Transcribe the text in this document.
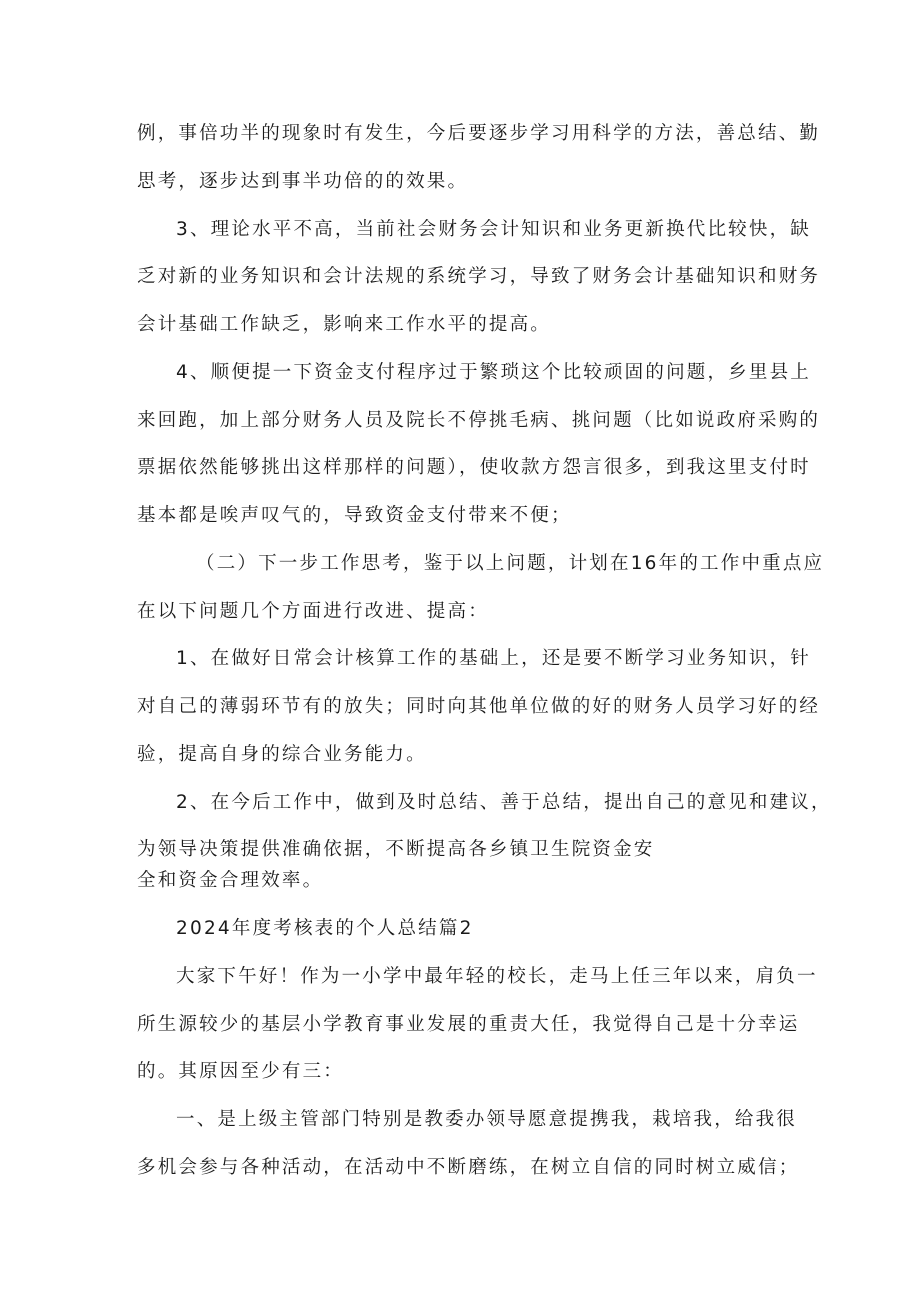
例，事倍功半的现象时有发生，今后要逐步学习用科学的方法，善总结、勤
思考，逐步达到事半功倍的的效果。
3、理论水平不高，当前社会财务会计知识和业务更新换代比较快，缺
乏对新的业务知识和会计法规的系统学习，导致了财务会计基础知识和财务
会计基础工作缺乏，影响来工作水平的提高。
4、顺便提一下资金支付程序过于繁琐这个比较顽固的问题，乡里县上
来回跑，加上部分财务人员及院长不停挑毛病、挑问题（比如说政府采购的
票据依然能够挑出这样那样的问题），使收款方怨言很多，到我这里支付时
基本都是唉声叹气的，导致资金支付带来不便；
（二）下一步工作思考，鉴于以上问题，计划在16年的工作中重点应
在以下问题几个方面进行改进、提高：
1、在做好日常会计核算工作的基础上，还是要不断学习业务知识，针
对自己的薄弱环节有的放失；同时向其他单位做的好的财务人员学习好的经
验，提高自身的综合业务能力。
2、在今后工作中，做到及时总结、善于总结，提出自己的意见和建议，
为领导决策提供准确依据，不断提高各乡镇卫生院资金安
全和资金合理效率。
2024年度考核表的个人总结篇2
大家下午好！作为一小学中最年轻的校长，走马上任三年以来，肩负一
所生源较少的基层小学教育事业发展的重责大任，我觉得自己是十分幸运
的。其原因至少有三：
一、是上级主管部门特别是教委办领导愿意提携我，栽培我，给我很
多机会参与各种活动，在活动中不断磨练，在树立自信的同时树立威信；
